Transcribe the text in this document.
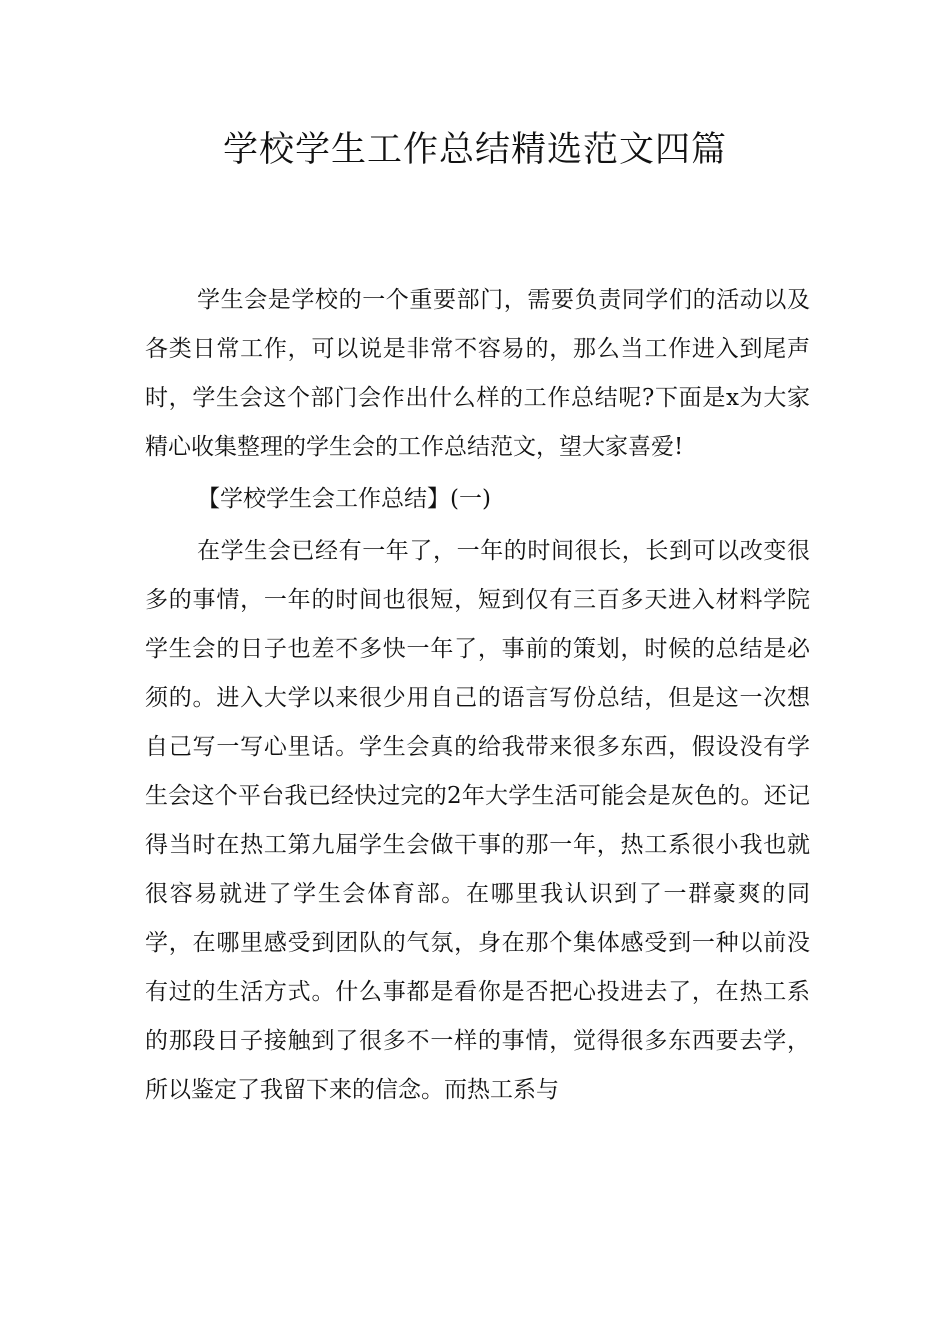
学校学生工作总结精选范文四篇

学生会是学校的一个重要部门，需要负责同学们的活动以及各类日常工作，可以说是非常不容易的，那么当工作进入到尾声时，学生会这个部门会作出什么样的工作总结呢?下面是x为大家精心收集整理的学生会的工作总结范文，望大家喜爱!

【学校学生会工作总结】(一)

在学生会已经有一年了，一年的时间很长，长到可以改变很多的事情，一年的时间也很短，短到仅有三百多天进入材料学院学生会的日子也差不多快一年了，事前的策划，时候的总结是必须的。进入大学以来很少用自己的语言写份总结，但是这一次想自己写一写心里话。学生会真的给我带来很多东西，假设没有学生会这个平台我已经快过完的2年大学生活可能会是灰色的。还记得当时在热工第九届学生会做干事的那一年，热工系很小我也就很容易就进了学生会体育部。在哪里我认识到了一群豪爽的同学，在哪里感受到团队的气氛，身在那个集体感受到一种以前没有过的生活方式。什么事都是看你是否把心投进去了，在热工系的那段日子接触到了很多不一样的事情，觉得很多东西要去学，所以鉴定了我留下来的信念。而热工系与
